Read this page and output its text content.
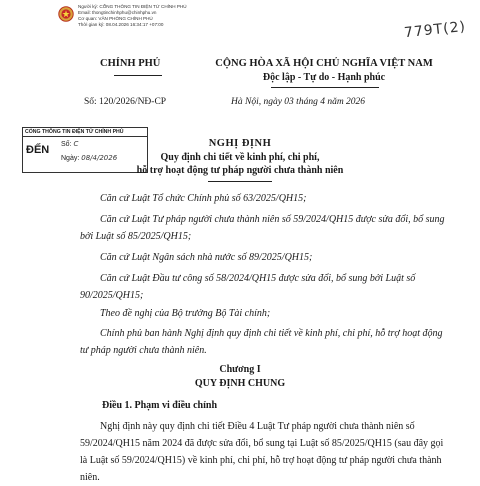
Người ký: CỔNG THÔNG TIN ĐIỆN TỬ CHÍNH PHỦ
Email: thongtinchinhphu@chinhphu.vn
Cơ quan: VĂN PHÒNG CHÍNH PHỦ
Thời gian ký: 08.04.2026 16:34:17 +07:00	779T(2)
CHÍNH PHỦ	CỘNG HÒA XÃ HỘI CHỦ NGHĨA VIỆT NAM
Độc lập - Tự do - Hạnh phúc
Số: 120/2026/NĐ-CP	Hà Nội, ngày 03 tháng 4 năm 2026
CỔNG THÔNG TIN ĐIỆN TỬ CHÍNH PHỦ
ĐẾN Số: C
Ngày: 08/4/2026
NGHỊ ĐỊNH
Quy định chi tiết về kinh phí, chi phí,
hỗ trợ hoạt động tư pháp người chưa thành niên
Căn cứ Luật Tổ chức Chính phủ số 63/2025/QH15;
Căn cứ Luật Tư pháp người chưa thành niên số 59/2024/QH15 được sửa đổi, bổ sung bởi Luật số 85/2025/QH15;
Căn cứ Luật Ngân sách nhà nước số 89/2025/QH15;
Căn cứ Luật Đầu tư công số 58/2024/QH15 được sửa đổi, bổ sung bởi Luật số 90/2025/QH15;
Theo đề nghị của Bộ trưởng Bộ Tài chính;
Chính phủ ban hành Nghị định quy định chi tiết về kinh phí, chi phí, hỗ trợ hoạt động tư pháp người chưa thành niên.
Chương I
QUY ĐỊNH CHUNG
Điều 1. Phạm vi điều chỉnh
Nghị định này quy định chi tiết Điều 4 Luật Tư pháp người chưa thành niên số 59/2024/QH15 năm 2024 đã được sửa đổi, bổ sung tại Luật số 85/2025/QH15 (sau đây gọi là Luật số 59/2024/QH15) về kinh phí, chi phí, hỗ trợ hoạt động tư pháp người chưa thành niên.
